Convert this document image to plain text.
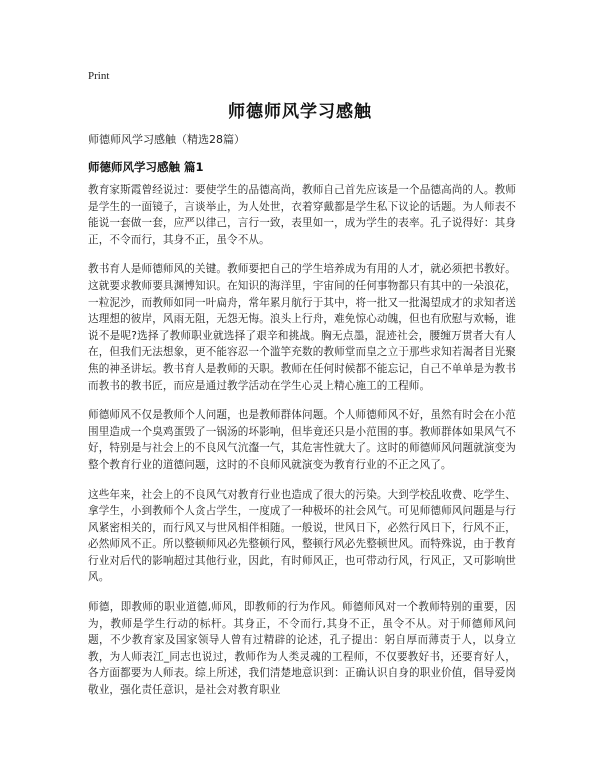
Print
师德师风学习感触
师德师风学习感触（精选28篇）
师德师风学习感触 篇1

教育家斯霞曾经说过：要使学生的品德高尚，教师自己首先应该是一个品德高尚的人。教师是学生的一面镜子，言谈举止，为人处世，衣着穿戴都是学生私下议论的话题。为人师表不能说一套做一套，应严以律己，言行一致，表里如一，成为学生的表率。孔子说得好：其身正，不令而行，其身不正，虽令不从。

教书育人是师德师风的关键。教师要把自己的学生培养成为有用的人才，就必须把书教好。这就要求教师要具渊博知识。在知识的海洋里，宇宙间的任何事物都只有其中的一朵浪花，一粒泥沙，而教师如同一叶扁舟，常年累月航行于其中，将一批又一批渴望成才的求知者送达理想的彼岸，风雨无阻，无怨无悔。浪头上行舟，难免惊心动魄，但也有欣慰与欢畅，谁说不是呢?选择了教师职业就选择了艰辛和挑战。胸无点墨，混迹社会，腰缠万贯者大有人在，但我们无法想象，更不能容忍一个滥竽充数的教师堂而皇之立于那些求知若渴者目光聚焦的神圣讲坛。教书育人是教师的天职。教师在任何时候都不能忘记，自己不单单是为教书而教书的教书匠，而应是通过教学活动在学生心灵上精心施工的工程师。

师德师风不仅是教师个人问题，也是教师群体问题。个人师德师风不好，虽然有时会在小范围里造成一个臭鸡蛋毁了一锅汤的坏影响，但毕竟还只是小范围的事。教师群体如果风气不好，特别是与社会上的不良风气沆瀣一气，其危害性就大了。这时的师德师风问题就演变为整个教育行业的道德问题，这时的不良师风就演变为教育行业的不正之风了。

这些年来，社会上的不良风气对教育行业也造成了很大的污染。大到学校乱收费、吃学生、拿学生，小到教师个人贪占学生，一度成了一种极坏的社会风气。可见师德师风问题是与行风紧密相关的，而行风又与世风相伴相随。一般说，世风日下，必然行风日下，行风不正，必然师风不正。所以整顿师风必先整顿行风，整顿行风必先整顿世风。而特殊说，由于教育行业对后代的影响超过其他行业，因此，有时师风正，也可带动行风，行风正，又可影响世风。

师德，即教师的职业道德,师风，即教师的行为作风。师德师风对一个教师特别的重要，因为，教师是学生行动的标杆。其身正，不令而行,其身不正，虽令不从。对于师德师风问题，不少教育家及国家领导人曾有过精辟的论述，孔子提出：躬自厚而薄责于人，以身立教，为人师表江_同志也说过，教师作为人类灵魂的工程师，不仅要教好书，还要育好人，各方面都要为人师表。综上所述，我们清楚地意识到：正确认识自身的职业价值，倡导爱岗敬业，强化责任意识，是社会对教育职业
